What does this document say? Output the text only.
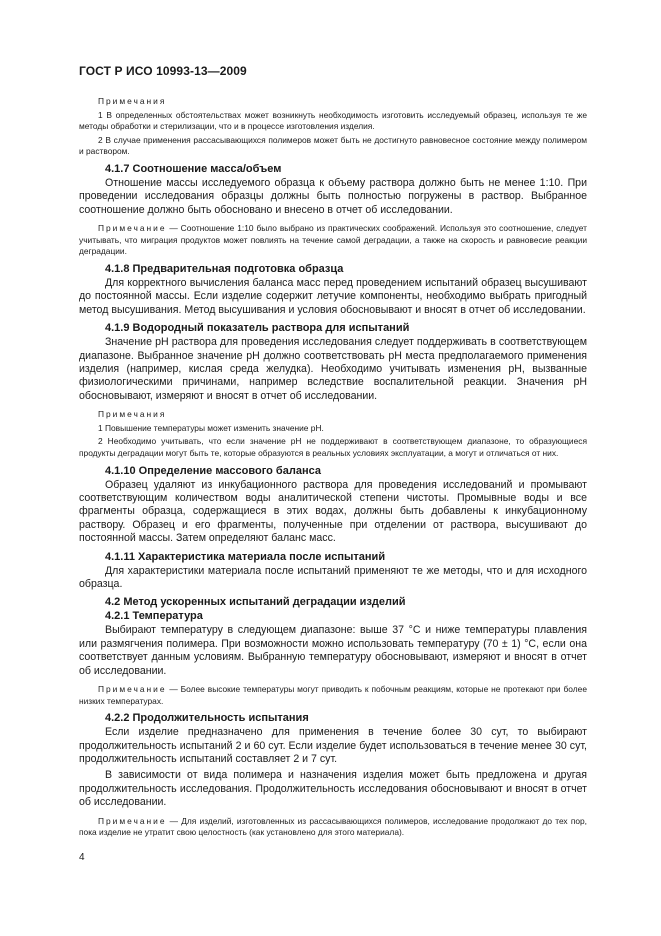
ГОСТ Р ИСО 10993-13—2009

Примечания

1 В определенных обстоятельствах может возникнуть необходимость изготовить исследуемый образец, используя те же методы обработки и стерилизации, что и в процессе изготовления изделия.

2 В случае применения рассасывающихся полимеров может быть не достигнуто равновесное состояние между полимером и раствором.

4.1.7 Соотношение масса/объем

Отношение массы исследуемого образца к объему раствора должно быть не менее 1:10. При проведении исследования образцы должны быть полностью погружены в раствор. Выбранное соотношение должно быть обосновано и внесено в отчет об исследовании.

Примечание — Соотношение 1:10 было выбрано из практических соображений. Используя это соотношение, следует учитывать, что миграция продуктов может повлиять на течение самой деградации, а также на скорость и равновесие реакции деградации.

4.1.8 Предварительная подготовка образца

Для корректного вычисления баланса масс перед проведением испытаний образец высушивают до постоянной массы. Если изделие содержит летучие компоненты, необходимо выбрать пригодный метод высушивания. Метод высушивания и условия обосновывают и вносят в отчет об исследовании.

4.1.9 Водородный показатель раствора для испытаний

Значение pH раствора для проведения исследования следует поддерживать в соответствующем диапазоне. Выбранное значение pH должно соответствовать pH места предполагаемого применения изделия (например, кислая среда желудка). Необходимо учитывать изменения pH, вызванные физиологическими причинами, например вследствие воспалительной реакции. Значения pH обосновывают, измеряют и вносят в отчет об исследовании.

Примечания

1 Повышение температуры может изменить значение pH.

2 Необходимо учитывать, что если значение pH не поддерживают в соответствующем диапазоне, то образующиеся продукты деградации могут быть те, которые образуются в реальных условиях эксплуатации, а могут и отличаться от них.

4.1.10 Определение массового баланса

Образец удаляют из инкубационного раствора для проведения исследований и промывают соответствующим количеством воды аналитической степени чистоты. Промывные воды и все фрагменты образца, содержащиеся в этих водах, должны быть добавлены к инкубационному раствору. Образец и его фрагменты, полученные при отделении от раствора, высушивают до постоянной массы. Затем определяют баланс масс.

4.1.11 Характеристика материала после испытаний

Для характеристики материала после испытаний применяют те же методы, что и для исходного образца.

4.2 Метод ускоренных испытаний деградации изделий

4.2.1 Температура

Выбирают температуру в следующем диапазоне: выше 37 °С и ниже температуры плавления или размягчения полимера. При возможности можно использовать температуру (70 ± 1) °С, если она соответствует данным условиям. Выбранную температуру обосновывают, измеряют и вносят в отчет об исследовании.

Примечание — Более высокие температуры могут приводить к побочным реакциям, которые не протекают при более низких температурах.

4.2.2 Продолжительность испытания

Если изделие предназначено для применения в течение более 30 сут, то выбирают продолжительность испытаний 2 и 60 сут. Если изделие будет использоваться в течение менее 30 сут, продолжительность испытаний составляет 2 и 7 сут.

В зависимости от вида полимера и назначения изделия может быть предложена и другая продолжительность исследования. Продолжительность исследования обосновывают и вносят в отчет об исследовании.

Примечание — Для изделий, изготовленных из рассасывающихся полимеров, исследование продолжают до тех пор, пока изделие не утратит свою целостность (как установлено для этого материала).

4
